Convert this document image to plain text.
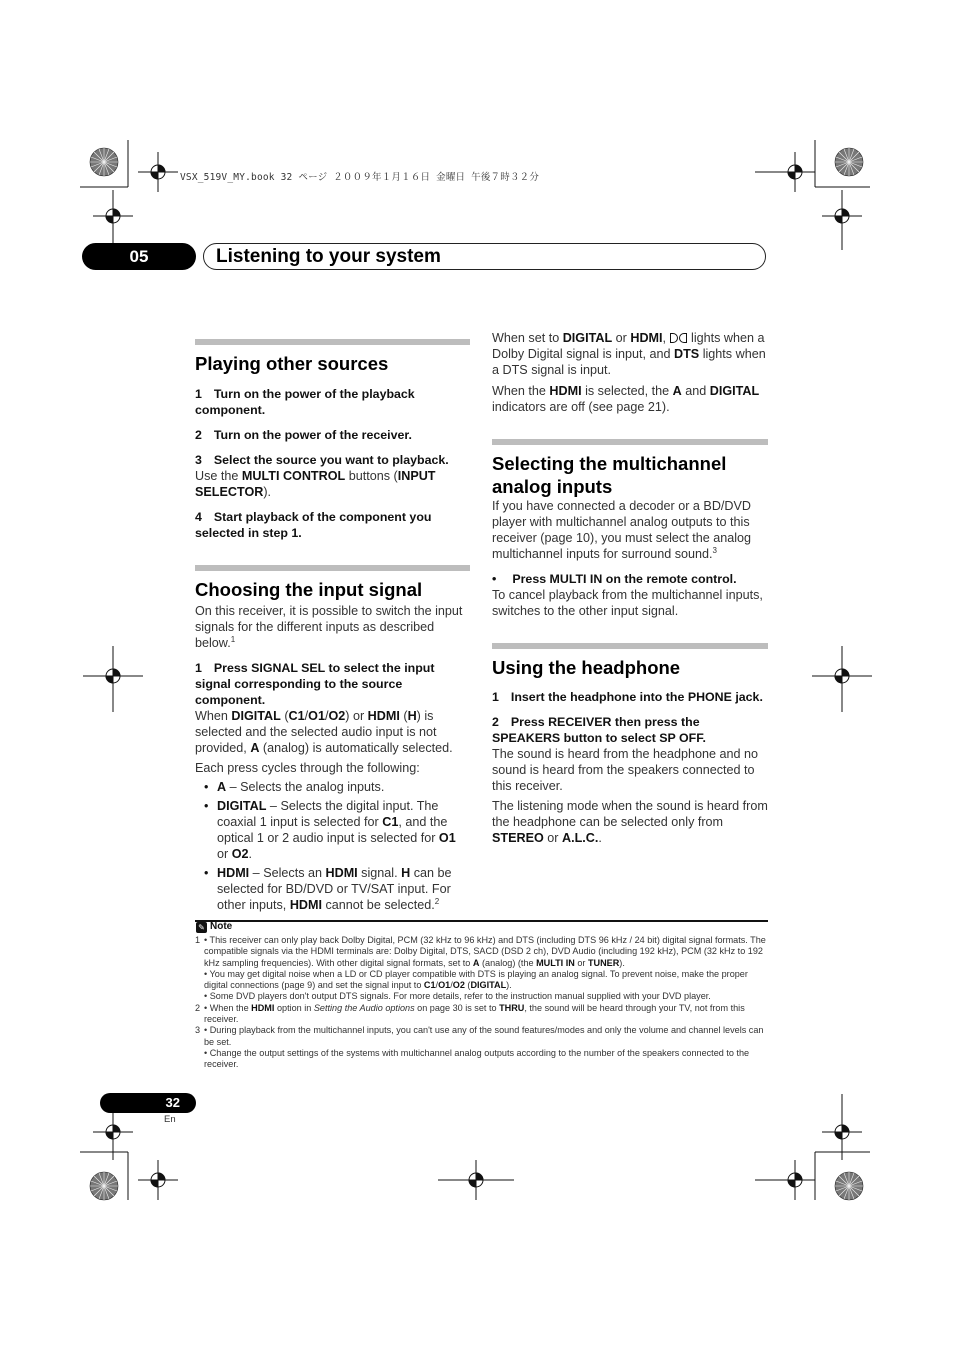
VSX_519V_MY.book 32 ページ ２００９年１月１６日 金曜日 午後７時３２分
05	Listening to your system
Playing other sources

1 Turn on the power of the playback component.

2 Turn on the power of the receiver.

3 Select the source you want to playback.

Use the MULTI CONTROL buttons (INPUT SELECTOR).

4 Start playback of the component you selected in step 1.

Choosing the input signal

On this receiver, it is possible to switch the input signals for the different inputs as described below.$^1$

1 Press SIGNAL SEL to select the input signal corresponding to the source component.

When DIGITAL (C1/O1/O2) or HDMI (H) is selected and the selected audio input is not provided, A (analog) is automatically selected.

Each press cycles through the following:

• A – Selects the analog inputs.
• DIGITAL – Selects the digital input. The coaxial 1 input is selected for C1, and the optical 1 or 2 audio input is selected for O1 or O2.
• HDMI – Selects an HDMI signal. H can be selected for BD/DVD or TV/SAT input. For other inputs, HDMI cannot be selected.$^2$

When set to DIGITAL or HDMI,
lights when a Dolby Digital signal is input, and DTS lights when a DTS signal is input.

When the HDMI is selected, the A and DIGITAL indicators are off (see page 21).

Selecting the multichannel analog inputs

If you have connected a decoder or a BD/DVD player with multichannel analog outputs to this receiver (page 10), you must select the analog multichannel inputs for surround sound.$^3$

• Press MULTI IN on the remote control.

To cancel playback from the multichannel inputs, switches to the other input signal.

Using the headphone

1 Insert the headphone into the PHONE jack.

2 Press RECEIVER then press the SPEAKERS button to select SP OFF.

The sound is heard from the headphone and no sound is heard from the speakers connected to this receiver.

The listening mode when the sound is heard from the headphone can be selected only from STEREO or A.L.C..

✎ Note
1 • This receiver can only play back Dolby Digital, PCM (32 kHz to 96 kHz) and DTS (including DTS 96 kHz / 24 bit) digital signal formats. The compatible signals via the HDMI terminals are: Dolby Digital, DTS, SACD (DSD 2 ch), DVD Audio (including 192 kHz), PCM (32 kHz to 192 kHz sampling frequencies). With other digital signal formats, set to A (analog) (the MULTI IN or TUNER).
• You may get digital noise when a LD or CD player compatible with DTS is playing an analog signal. To prevent noise, make the proper digital connections (page 9) and set the signal input to C1/O1/O2 (DIGITAL).
• Some DVD players don't output DTS signals. For more details, refer to the instruction manual supplied with your DVD player.
2 • When the HDMI option in Setting the Audio options on page 30 is set to THRU, the sound will be heard through your TV, not from this receiver.
3 • During playback from the multichannel inputs, you can't use any of the sound features/modes and only the volume and channel levels can be set.
• Change the output settings of the systems with multichannel analog outputs according to the number of the speakers connected to the receiver.
32
En
